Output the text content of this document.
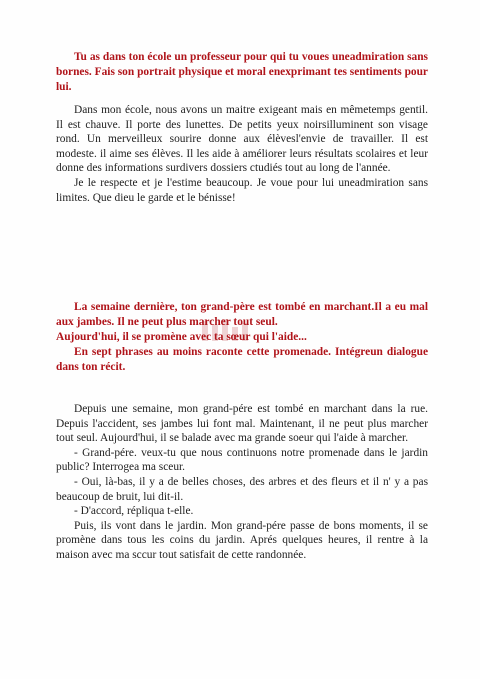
Tu as dans ton école un professeur pour qui tu voues uneadmiration sans bornes. Fais son portrait physique et moral enexprimant tes sentiments pour lui.

Dans mon école, nous avons un maitre exigeant mais en mêmetemps gentil. Il est chauve. Il porte des lunettes. De petits yeux noirsilluminent son visage rond. Un merveilleux sourire donne aux élèvesl'envie de travailler. Il est modeste. il aime ses élèves. Il les aide à améliorer leurs résultats scolaires et leur donne des informations surdivers dossiers ctudiés tout au long de l'année.

Je le respecte et je l'estime beaucoup. Je voue pour lui uneadmiration sans limites. Que dieu le garde et le bénisse!

La semaine dernière, ton grand-père est tombé en marchant.Il a eu mal aux jambes. Il ne peut plus marcher tout seul.

Aujourd'hui, il se promène avec ta sœur qui l'aide...

En sept phrases au moins raconte cette promenade. Intégreun dialogue dans ton récit.

Depuis une semaine, mon grand-pére est tombé en marchant dans la rue. Depuis l'accident, ses jambes lui font mal. Maintenant, il ne peut plus marcher tout seul. Aujourd'hui, il se balade avec ma grande soeur qui l'aide à marcher.

- Grand-pére. veux-tu que nous continuons notre promenade dans le jardin public? Interrogea ma sceur.

- Oui, là-bas, il y a de belles choses, des arbres et des fleurs et il n' y a pas beaucoup de bruit, lui dit-il.

- D'accord, répliqua t-elle.

Puis, ils vont dans le jardin. Mon grand-pére passe de bons moments, il se promène dans tous les coins du jardin. Aprés quelques heures, il rentre à la maison avec ma sccur tout satisfait de cette randonnée.
